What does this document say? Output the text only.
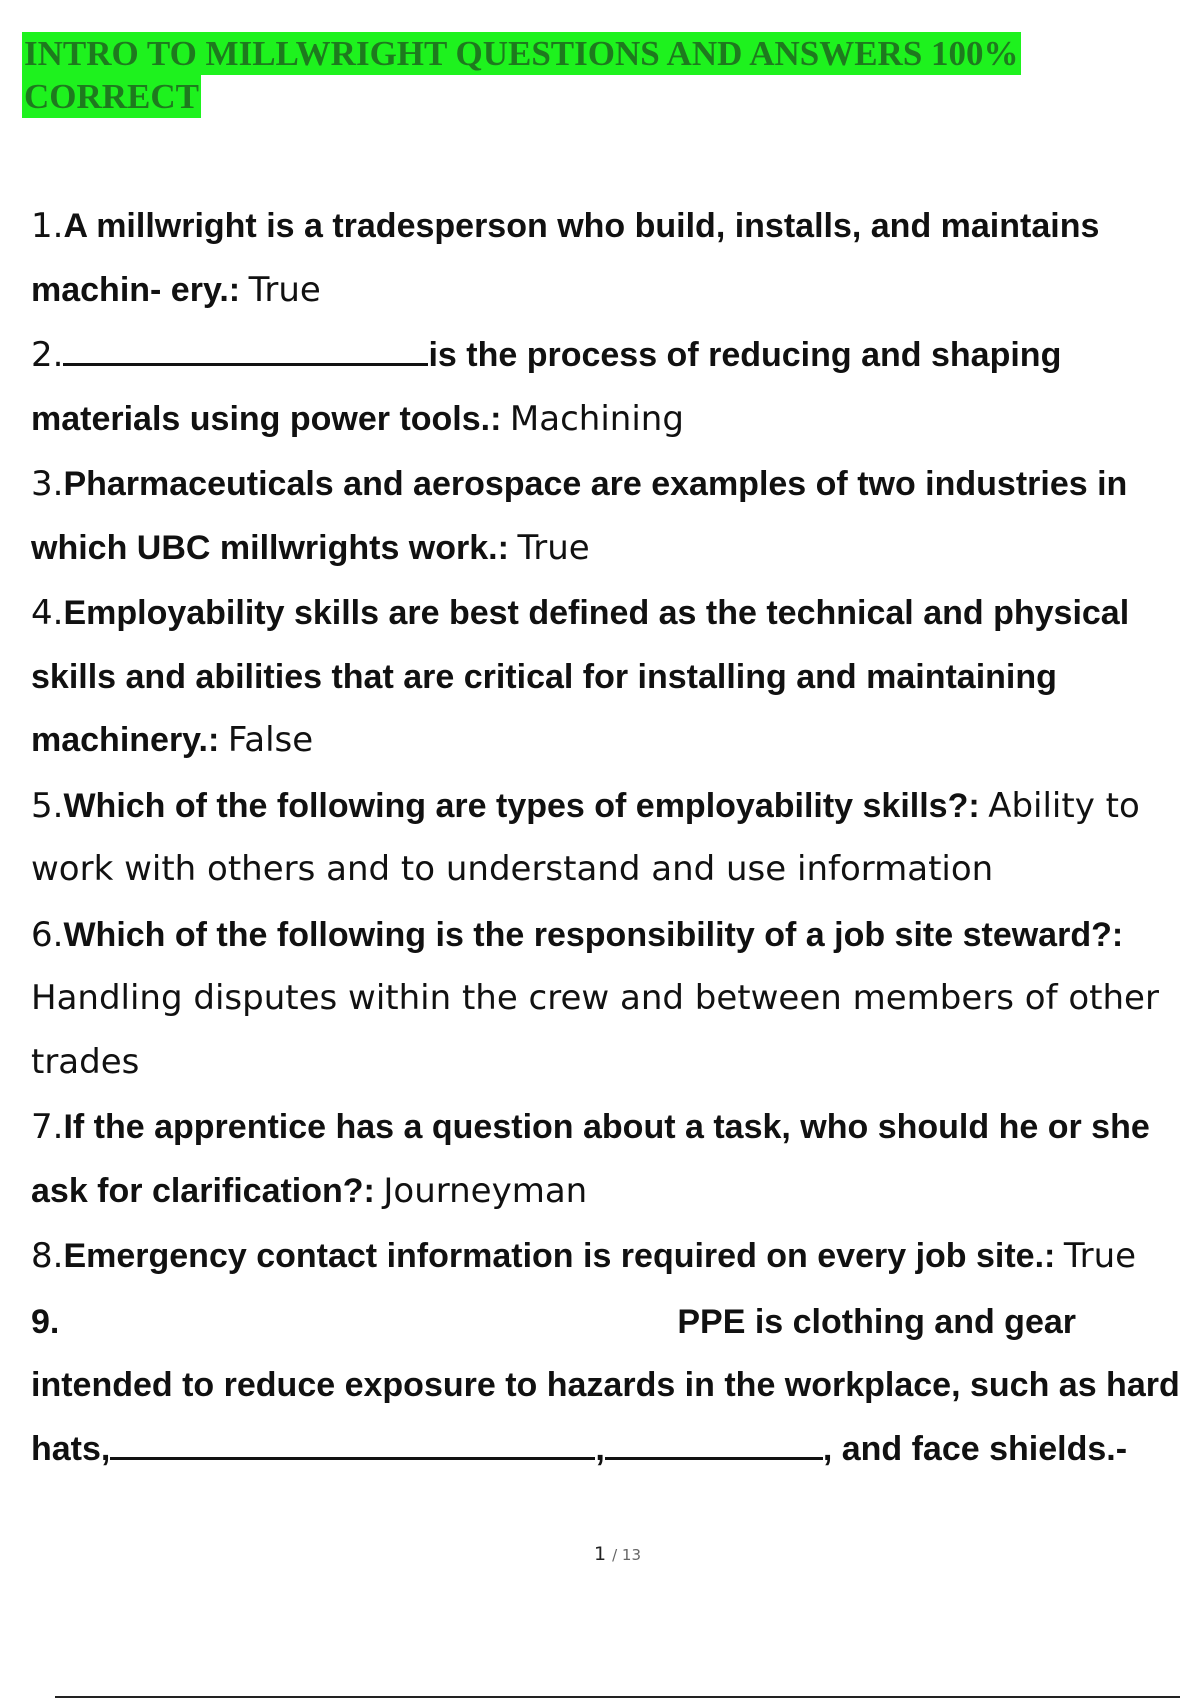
INTRO TO MILLWRIGHT QUESTIONS AND ANSWERS 100%
CORRECT
1.A millwright is a tradesperson who build, installs, and maintains machin- ery.: True
2.	is the process of reducing and shaping materials using power tools.: Machining
3.Pharmaceuticals and aerospace are examples of two industries in which UBC millwrights work.: True
4.Employability skills are best defined as the technical and physical skills and abilities that are critical for installing and maintaining machinery.: False
5.Which of the following are types of employability skills?: Ability to work with others and to understand and use information
6.Which of the following is the responsibility of a job site steward?: Handling disputes within the crew and between members of other trades
7.If the apprentice has a question about a task, who should he or she ask for clarification?: Journeyman
8.Emergency contact information is required on every job site.: True
9.	PPE is clothing and gear intended to reduce exposure to hazards in the workplace, such as hard hats,	,	, and face shields.-
1 / 13
